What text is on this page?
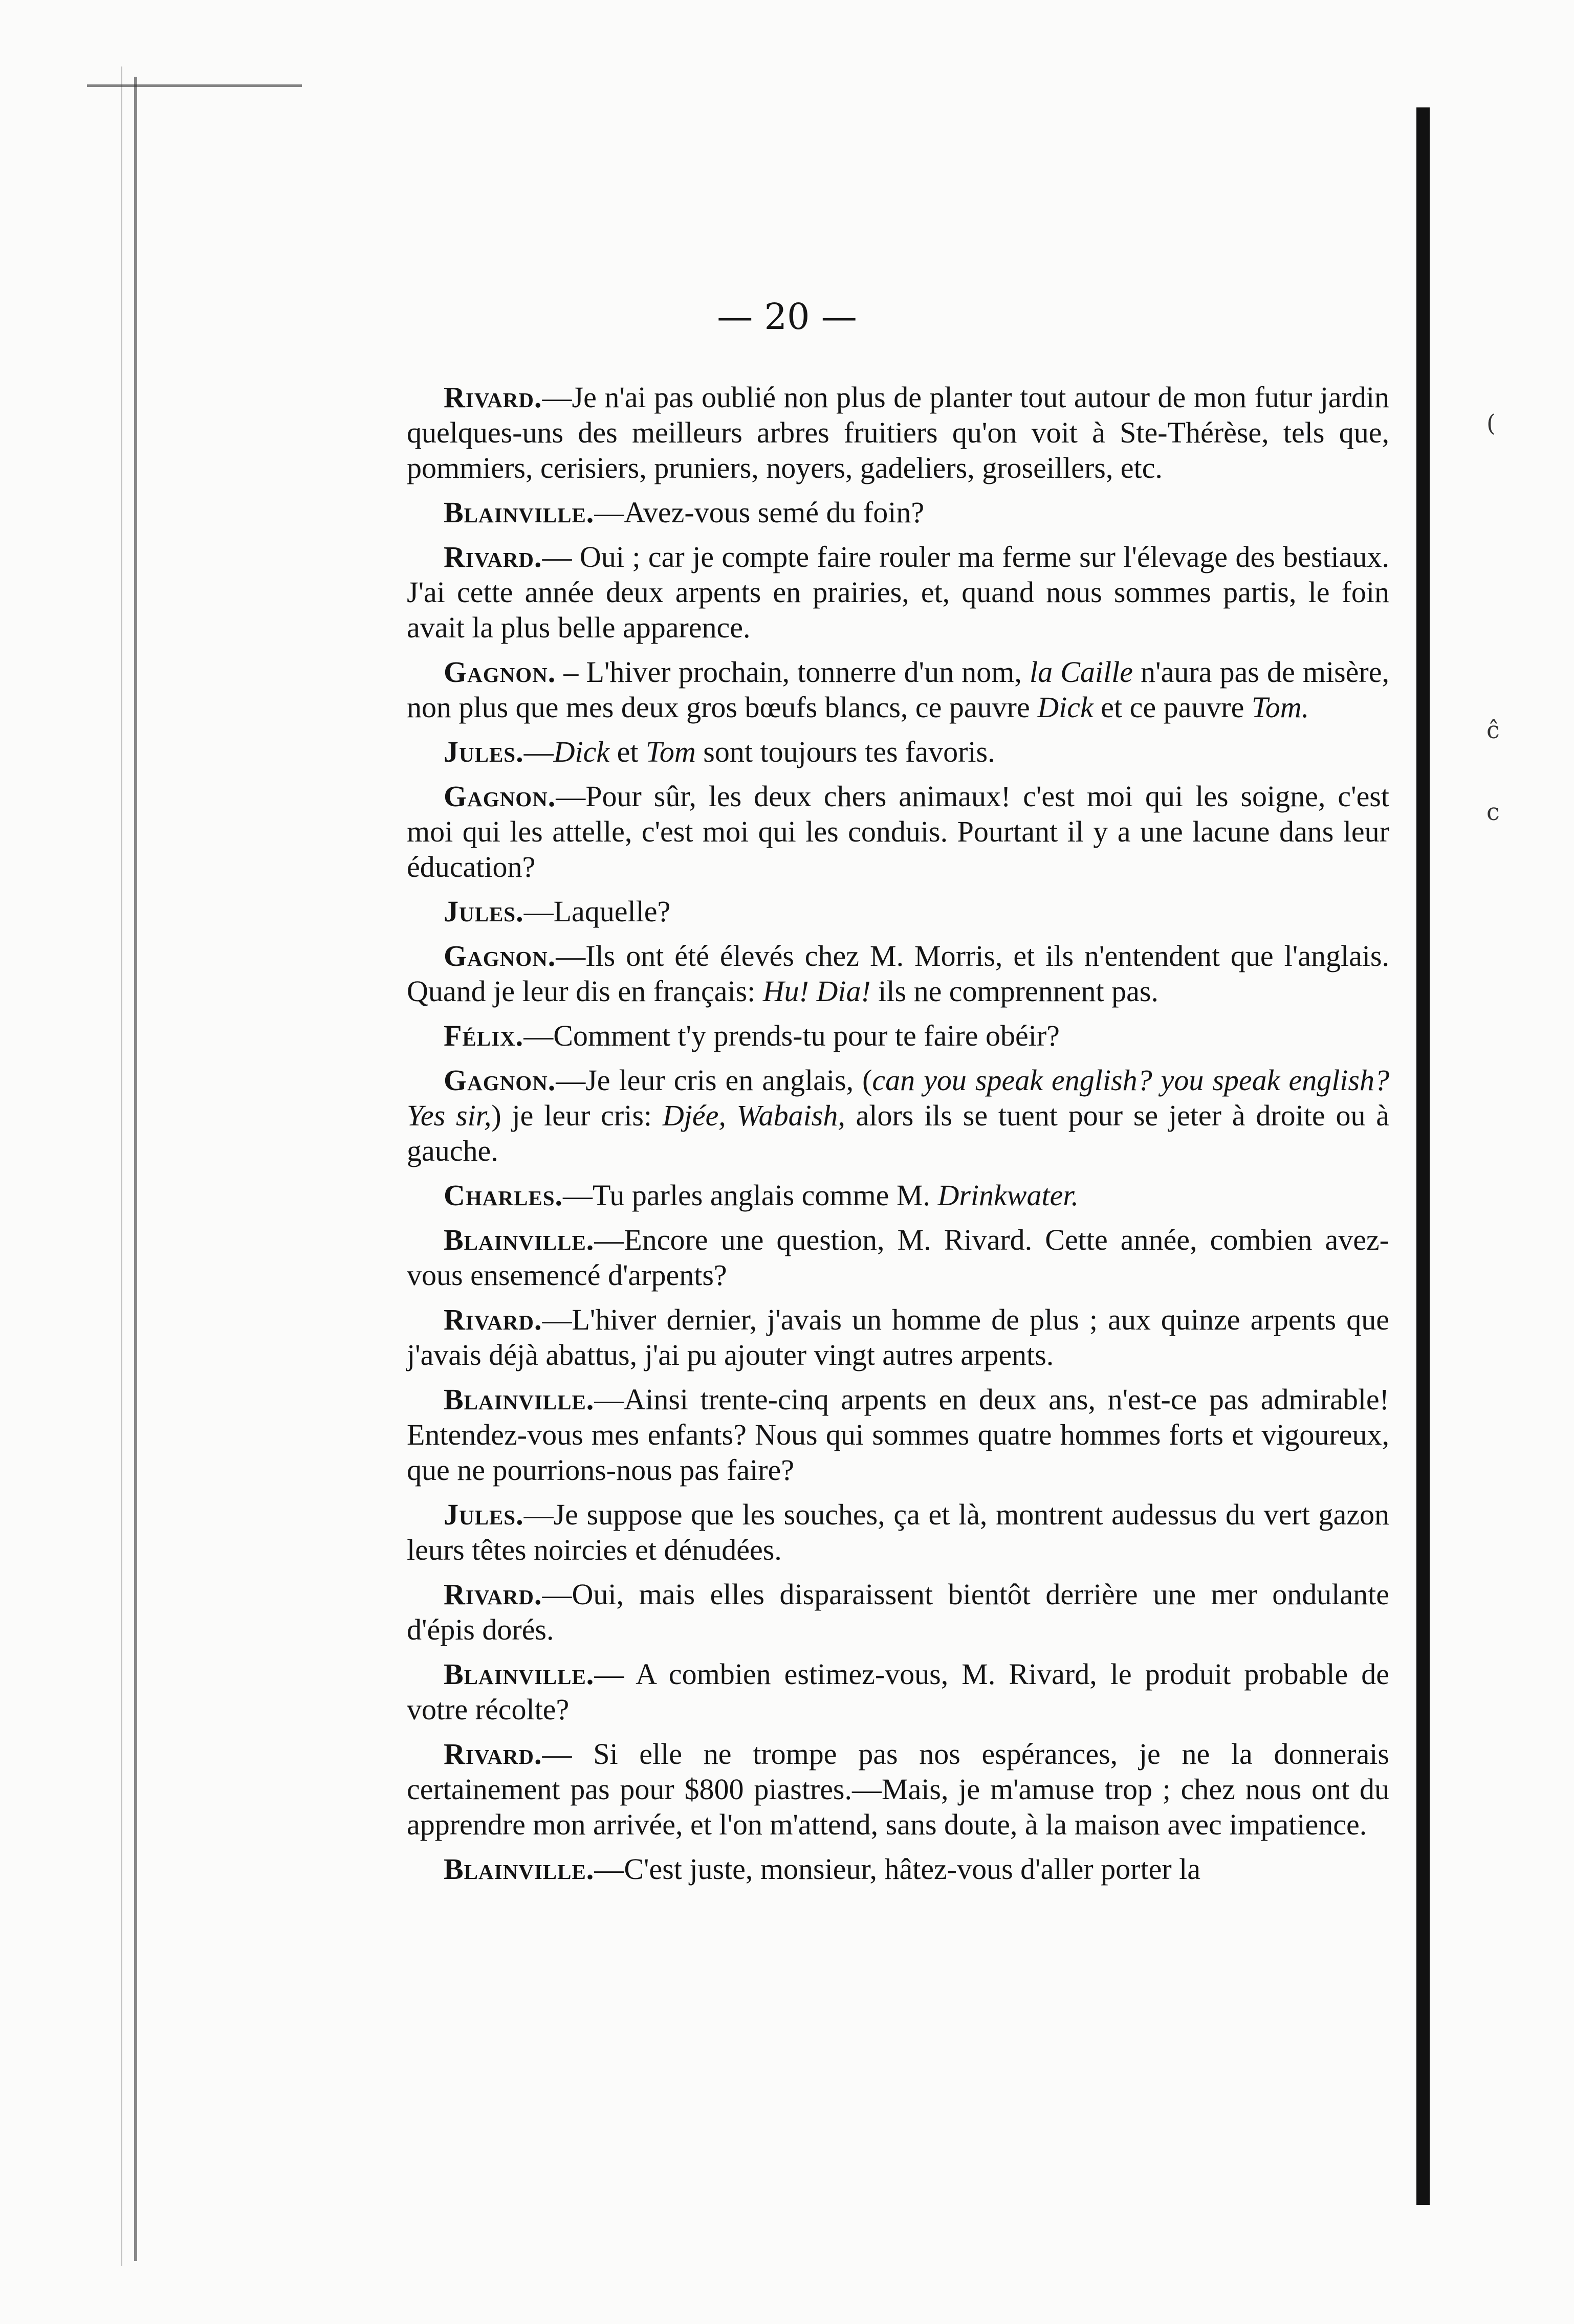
(
ĉ
c
— 20 —

Rivard.—Je n'ai pas oublié non plus de planter tout autour de mon futur jardin quelques-uns des meilleurs arbres fruitiers qu'on voit à Ste-Thérèse, tels que, pommiers, cerisiers, pruniers, noyers, gadeliers, groseillers, etc.

Blainville.—Avez-vous semé du foin?

Rivard.— Oui ; car je compte faire rouler ma ferme sur l'élevage des bestiaux. J'ai cette année deux arpents en prairies, et, quand nous sommes partis, le foin avait la plus belle apparence.

Gagnon. – L'hiver prochain, tonnerre d'un nom, la Caille n'aura pas de misère, non plus que mes deux gros bœufs blancs, ce pauvre Dick et ce pauvre Tom.

Jules.—Dick et Tom sont toujours tes favoris.

Gagnon.—Pour sûr, les deux chers animaux! c'est moi qui les soigne, c'est moi qui les attelle, c'est moi qui les conduis. Pourtant il y a une lacune dans leur éducation?

Jules.—Laquelle?

Gagnon.—Ils ont été élevés chez M. Morris, et ils n'entendent que l'anglais. Quand je leur dis en français: Hu! Dia! ils ne comprennent pas.

Félix.—Comment t'y prends-tu pour te faire obéir?

Gagnon.—Je leur cris en anglais, (can you speak english? you speak english? Yes sir,) je leur cris: Djée, Wabaish, alors ils se tuent pour se jeter à droite ou à gauche.

Charles.—Tu parles anglais comme M. Drinkwater.

Blainville.—Encore une question, M. Rivard. Cette année, combien avez-vous ensemencé d'arpents?

Rivard.—L'hiver dernier, j'avais un homme de plus ; aux quinze arpents que j'avais déjà abattus, j'ai pu ajouter vingt autres arpents.

Blainville.—Ainsi trente-cinq arpents en deux ans, n'est-ce pas admirable! Entendez-vous mes enfants? Nous qui sommes quatre hommes forts et vigoureux, que ne pourrions-nous pas faire?

Jules.—Je suppose que les souches, ça et là, montrent audessus du vert gazon leurs têtes noircies et dénudées.

Rivard.—Oui, mais elles disparaissent bientôt derrière une mer ondulante d'épis dorés.

Blainville.— A combien estimez-vous, M. Rivard, le produit probable de votre récolte?

Rivard.— Si elle ne trompe pas nos espérances, je ne la donnerais certainement pas pour $800 piastres.—Mais, je m'amuse trop ; chez nous ont du apprendre mon arrivée, et l'on m'attend, sans doute, à la maison avec impatience.

Blainville.—C'est juste, monsieur, hâtez-vous d'aller porter la
